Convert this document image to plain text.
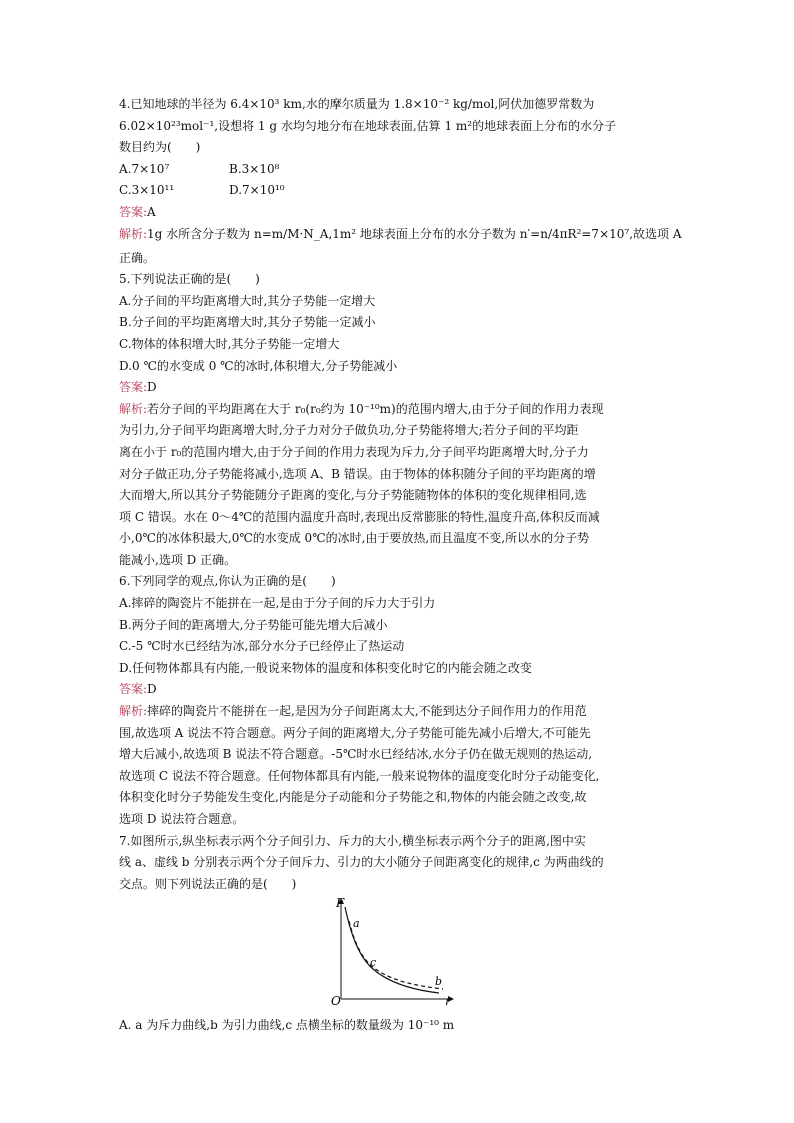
4.已知地球的半径为 6.4×10³ km,水的摩尔质量为 1.8×10⁻² kg/mol,阿伏加德罗常数为
6.02×10²³mol⁻¹,设想将 1 g 水均匀地分布在地球表面,估算 1 m²的地球表面上分布的水分子
数目约为(　　)
A.7×10⁷	B.3×10⁸
C.3×10¹¹	D.7×10¹⁰
答案:A
解析:1g 水所含分子数为 n=m/M·N_A,1m² 地球表面上分布的水分子数为 n′=n/4πR²=7×10⁷,故选项 A
正确。
5.下列说法正确的是(　　)
A.分子间的平均距离增大时,其分子势能一定增大
B.分子间的平均距离增大时,其分子势能一定减小
C.物体的体积增大时,其分子势能一定增大
D.0 ℃的水变成 0 ℃的冰时,体积增大,分子势能减小
答案:D
解析:若分子间的平均距离在大于 r₀(r₀约为 10⁻¹⁰m)的范围内增大,由于分子间的作用力表现
为引力,分子间平均距离增大时,分子力对分子做负功,分子势能将增大;若分子间的平均距
离在小于 r₀的范围内增大,由于分子间的作用力表现为斥力,分子间平均距离增大时,分子力
对分子做正功,分子势能将减小,选项 A、B 错误。由于物体的体积随分子间的平均距离的增
大而增大,所以其分子势能随分子距离的变化,与分子势能随物体的体积的变化规律相同,选
项 C 错误。水在 0～4℃的范围内温度升高时,表现出反常膨胀的特性,温度升高,体积反而减
小,0℃的冰体积最大,0℃的水变成 0℃的冰时,由于要放热,而且温度不变,所以水的分子势
能减小,选项 D 正确。
6.下列同学的观点,你认为正确的是(　　)
A.摔碎的陶瓷片不能拼在一起,是由于分子间的斥力大于引力
B.两分子间的距离增大,分子势能可能先增大后减小
C.-5 ℃时水已经结为冰,部分水分子已经停止了热运动
D.任何物体都具有内能,一般说来物体的温度和体积变化时它的内能会随之改变
答案:D
解析:摔碎的陶瓷片不能拼在一起,是因为分子间距离太大,不能到达分子间作用力的作用范
围,故选项 A 说法不符合题意。两分子间的距离增大,分子势能可能先减小后增大,不可能先
增大后减小,故选项 B 说法不符合题意。-5℃时水已经结冰,水分子仍在做无规则的热运动,
故选项 C 说法不符合题意。任何物体都具有内能,一般来说物体的温度变化时分子动能变化,
体积变化时分子势能发生变化,内能是分子动能和分子势能之和,物体的内能会随之改变,故
选项 D 说法符合题意。
7.如图所示,纵坐标表示两个分子间引力、斥力的大小,横坐标表示两个分子的距离,图中实
线 a、虚线 b 分别表示两个分子间斥力、引力的大小随分子间距离变化的规律,c 为两曲线的
交点。则下列说法正确的是(　　)
F
r
O
a
b
c
A. a 为斥力曲线,b 为引力曲线,c 点横坐标的数量级为 10⁻¹⁰ m
